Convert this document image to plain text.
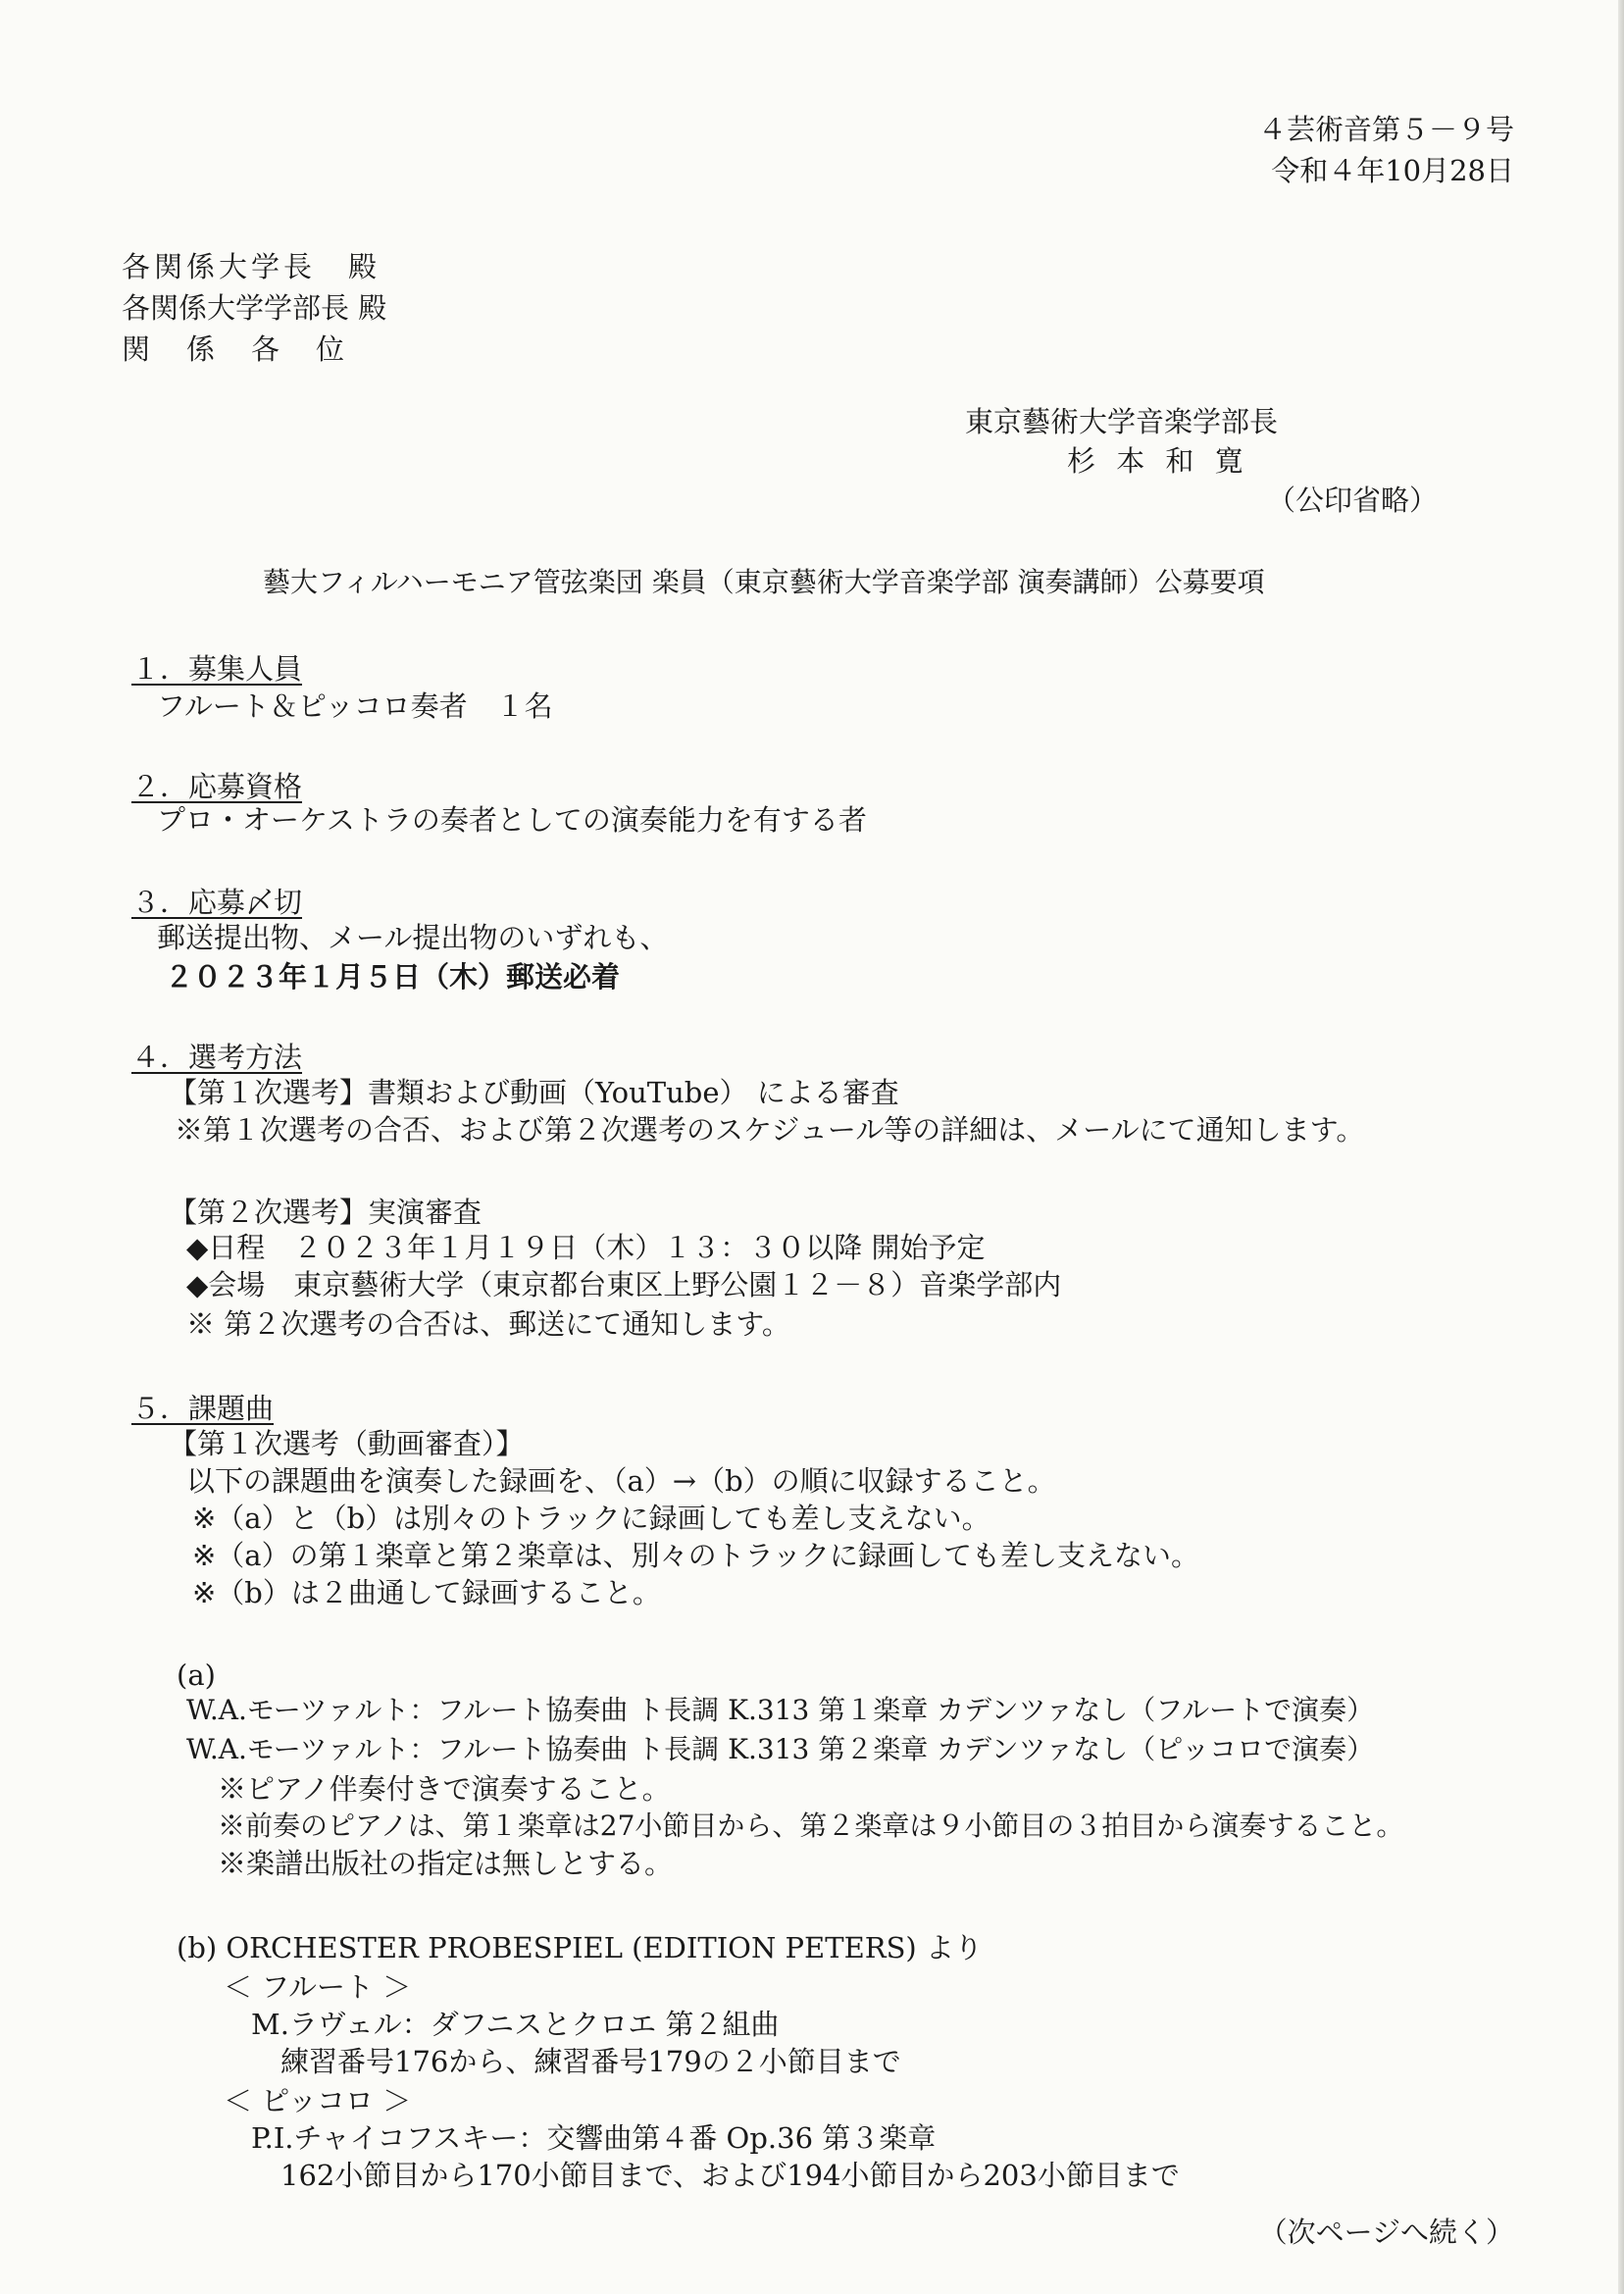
４芸術音第５－９号
令和４年10月28日
各関係大学長　殿
各関係大学学部長 殿
関　係　各　位
東京藝術大学音楽学部長
杉 本 和 寛
（公印省略）
藝大フィルハーモニア管弦楽団 楽員（東京藝術大学音楽学部 演奏講師）公募要項
１．募集人員
フルート＆ピッコロ奏者　１名
２．応募資格
プロ・オーケストラの奏者としての演奏能力を有する者
３．応募〆切
郵送提出物、メール提出物のいずれも、
２０２３年１月５日（木）郵送必着
４．選考方法
【第１次選考】書類および動画（YouTube） による審査
※第１次選考の合否、および第２次選考のスケジュール等の詳細は、メールにて通知します。
【第２次選考】実演審査
◆日程　２０２３年１月１９日（木）１３：３０以降 開始予定
◆会場　東京藝術大学（東京都台東区上野公園１２－８）音楽学部内
※ 第２次選考の合否は、郵送にて通知します。
５．課題曲
【第１次選考（動画審査）】
以下の課題曲を演奏した録画を、（a）→（b）の順に収録すること。
※（a）と（b）は別々のトラックに録画しても差し支えない。
※（a）の第１楽章と第２楽章は、別々のトラックに録画しても差し支えない。
※（b）は２曲通して録画すること。
(a)
W.A.モーツァルト：フルート協奏曲 ト長調 K.313 第１楽章 カデンツァなし（フルートで演奏）
W.A.モーツァルト：フルート協奏曲 ト長調 K.313 第２楽章 カデンツァなし（ピッコロで演奏）
※ピアノ伴奏付きで演奏すること。
※前奏のピアノは、第１楽章は27小節目から、第２楽章は９小節目の３拍目から演奏すること。
※楽譜出版社の指定は無しとする。
(b) ORCHESTER PROBESPIEL (EDITION PETERS) より
＜ フルート ＞
M.ラヴェル：ダフニスとクロエ 第２組曲
練習番号176から、練習番号179の２小節目まで
＜ ピッコロ ＞
P.I.チャイコフスキー：交響曲第４番 Op.36 第３楽章
162小節目から170小節目まで、および194小節目から203小節目まで
（次ページへ続く）
